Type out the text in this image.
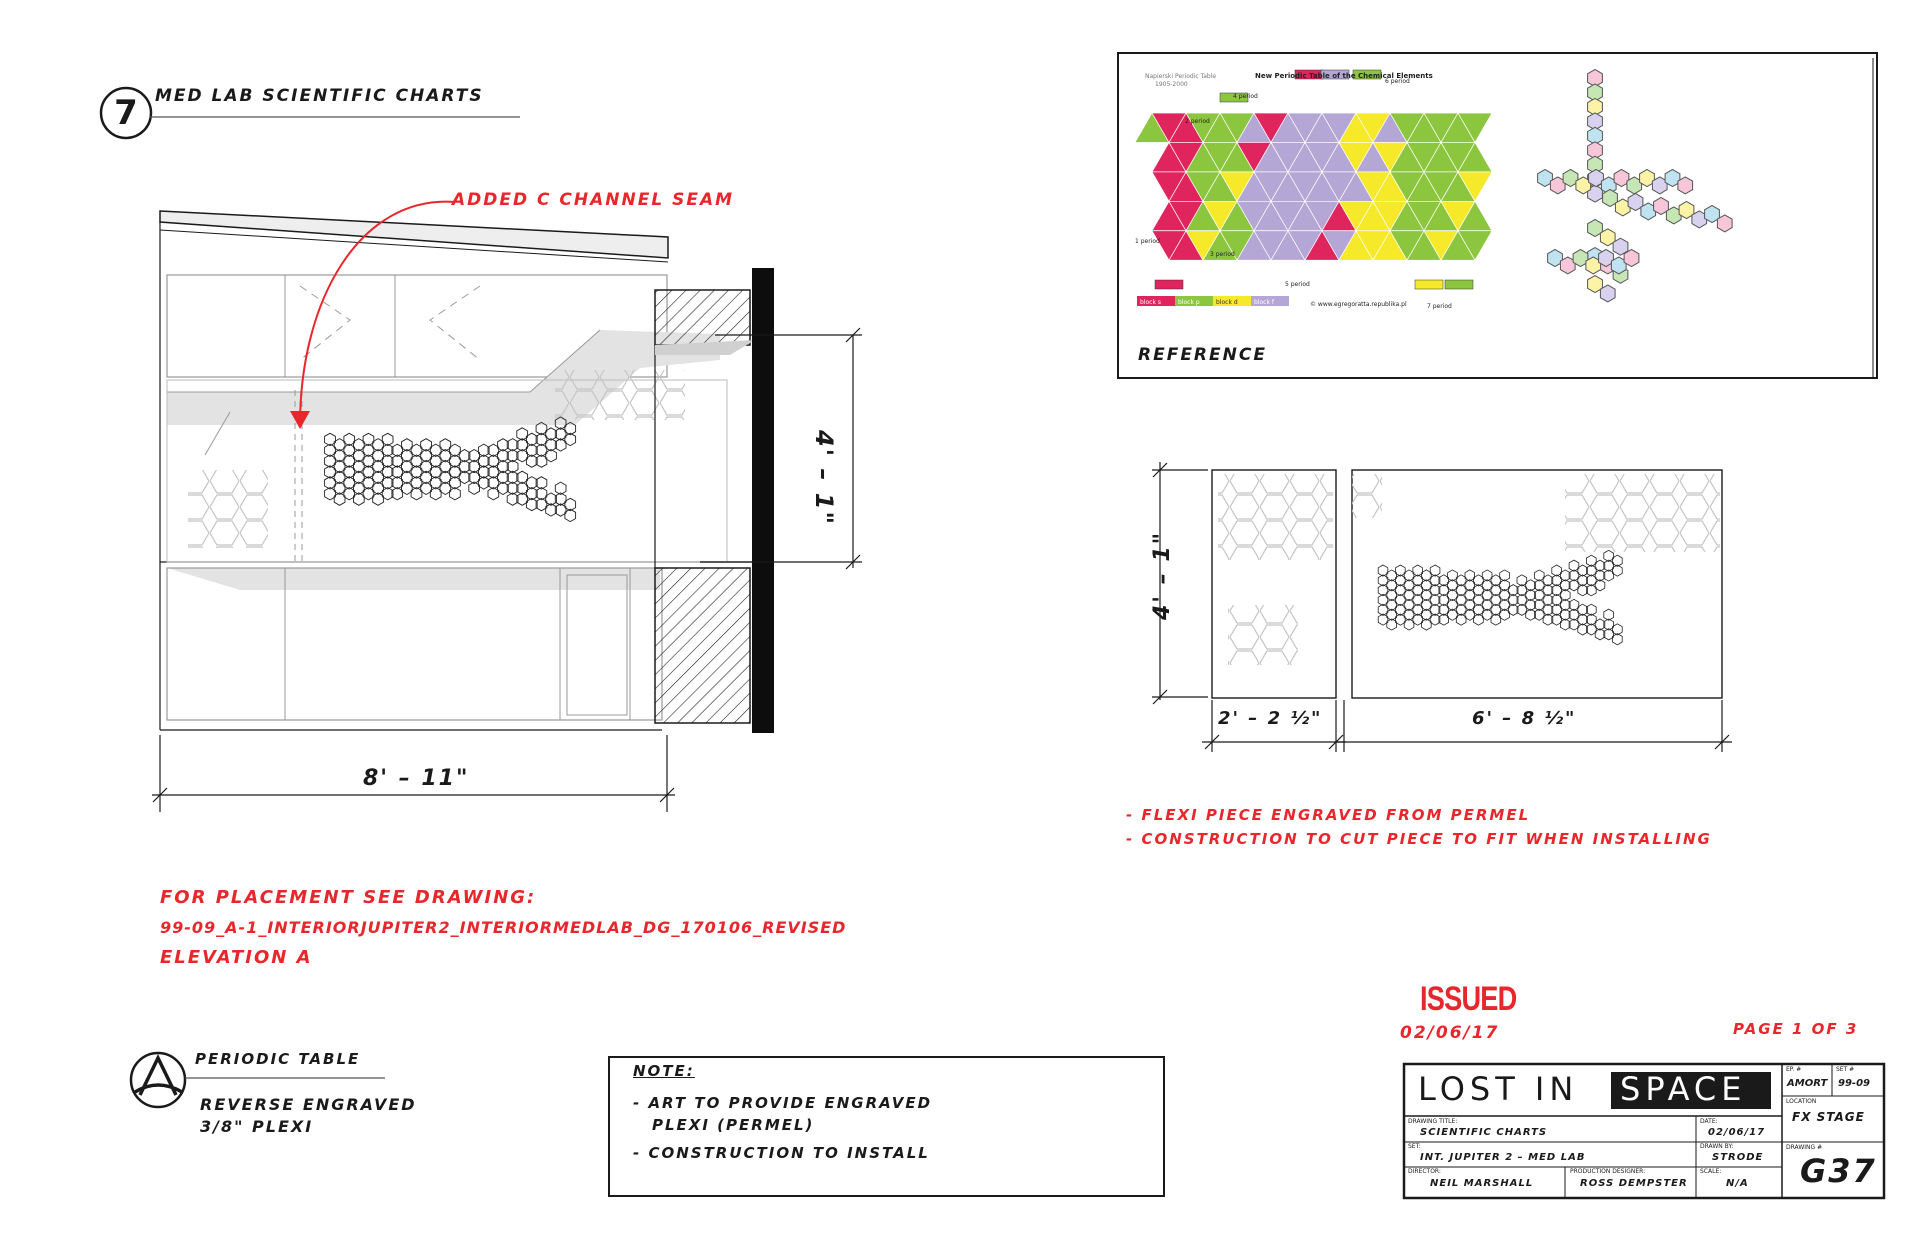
Napierski Periodic Table
1905-2000
New Periodic Table of the Chemical Elements
© www.egregoratta.republika.pl
1 period
2 period
3 period
4 period
5 period
6 period
7 period
block s	block p	block d	block f
7 MED LAB SCIENTIFIC CHARTS
ADDED C CHANNEL SEAM
4' – 1"
8' – 11"
REFERENCE
4' – 1"
2' – 2 ½"	6' – 8 ½"
- FLEXI PIECE ENGRAVED FROM PERMEL
- CONSTRUCTION TO CUT PIECE TO FIT WHEN INSTALLING
FOR PLACEMENT SEE DRAWING:
99-09_A-1_INTERIORJUPITER2_INTERIORMEDLAB_DG_170106_REVISED
ELEVATION A
PERIODIC TABLE
REVERSE ENGRAVED
3/8" PLEXI
NOTE:
- ART TO PROVIDE ENGRAVED
PLEXI (PERMEL)
- CONSTRUCTION TO INSTALL
ISSUED
02/06/17	PAGE 1 OF 3
LOST IN SPACE
EP. #
AMORT
SET #
99-09
LOCATION
FX STAGE
DRAWING TITLE:
SCIENTIFIC CHARTS
DATE:
02/06/17
SET:
INT. JUPITER 2 – MED LAB
DRAWN BY:
STRODE
DRAWING #
G37
DIRECTOR:
NEIL MARSHALL
PRODUCTION DESIGNER:
ROSS DEMPSTER
SCALE:
N/A
